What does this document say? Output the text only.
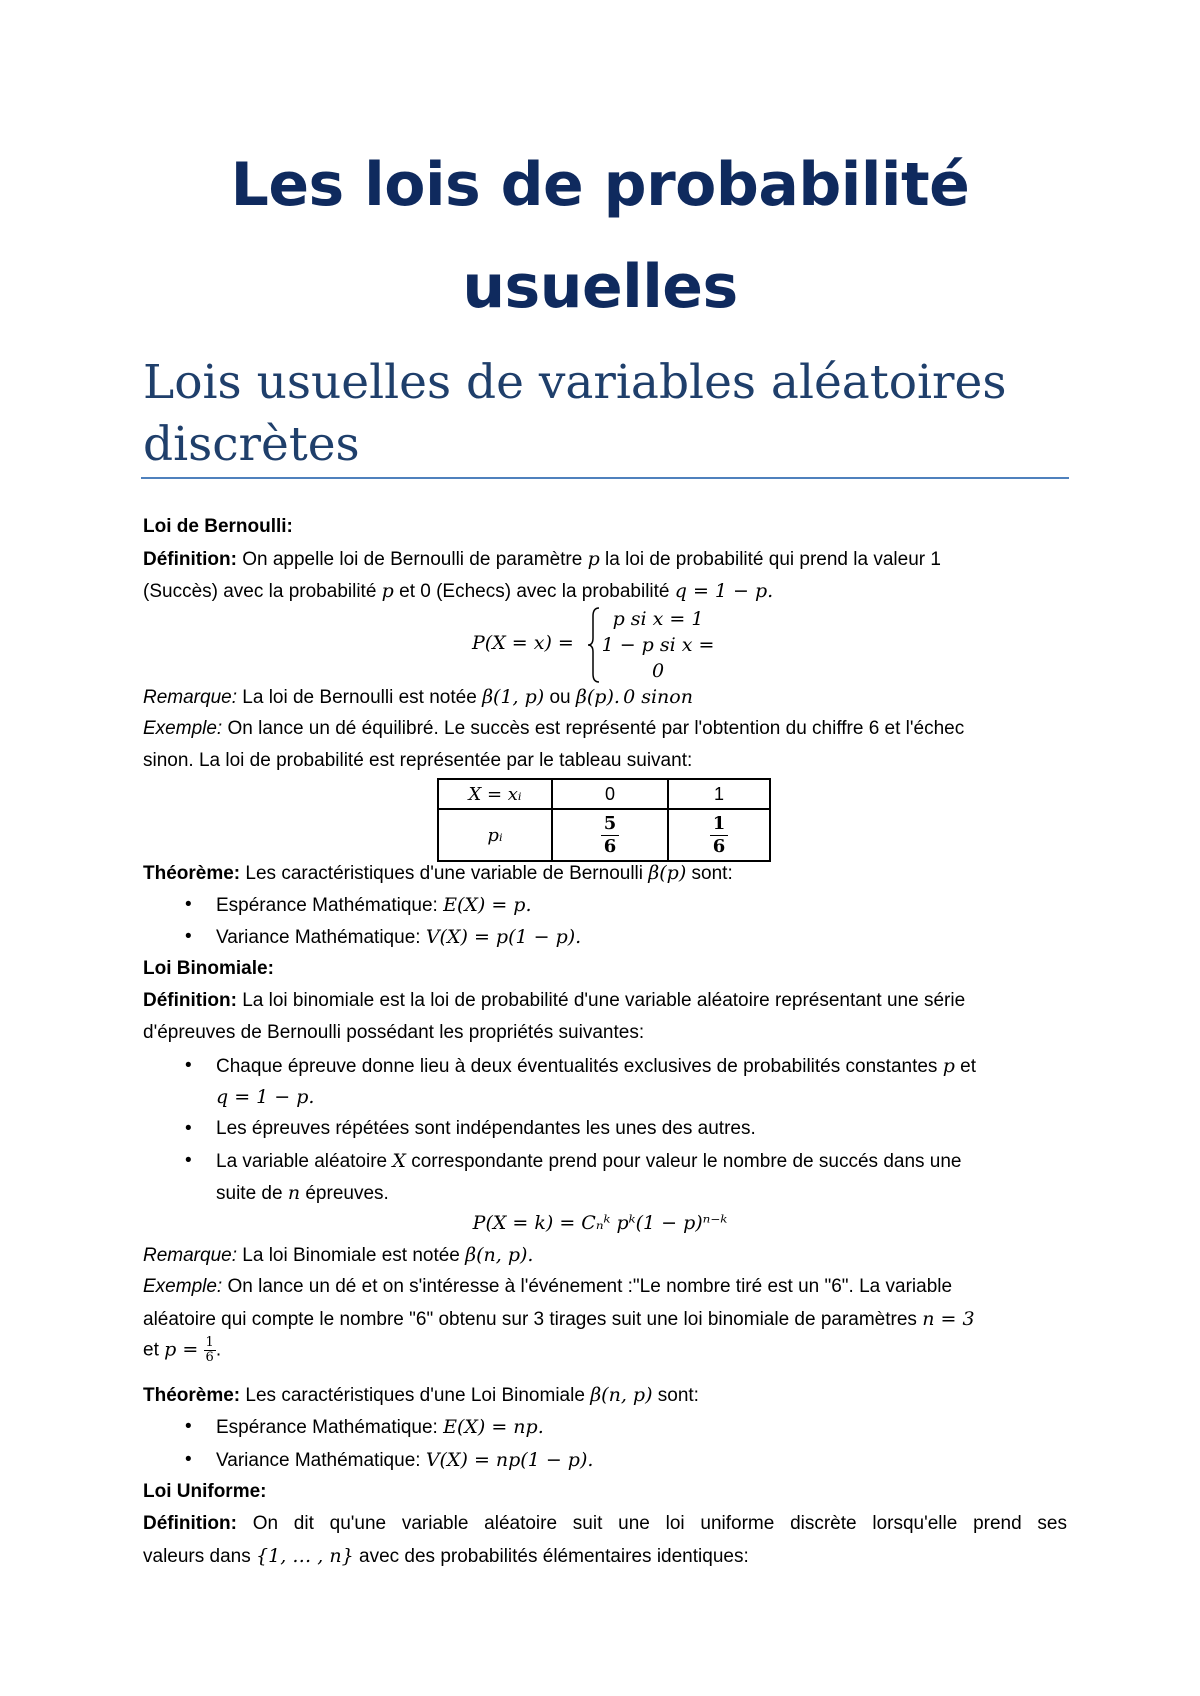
Les lois de probabilité
usuelles
Lois usuelles de variables aléatoires
discrètes
Loi de Bernoulli:
Définition: On appelle loi de Bernoulli de paramètre p la loi de probabilité qui prend la valeur 1
(Succès) avec la probabilité p et 0 (Echecs) avec la probabilité q = 1 − p.
P(X = x) =
p si x = 1
1 − p si x = 0
0 sinon
Remarque: La loi de Bernoulli est notée β(1, p) ou β(p).
Exemple: On lance un dé équilibré. Le succès est représenté par l'obtention du chiffre 6 et l'échec
sinon. La loi de probabilité est représentée par le tableau suivant:
X = xᵢ	0	1
pᵢ	$\frac{5}{6}$	$\frac{1}{6}$
Théorème: Les caractéristiques d'une variable de Bernoulli β(p) sont:
• Espérance Mathématique: E(X) = p.
• Variance Mathématique: V(X) = p(1 − p).
Loi Binomiale:
Définition: La loi binomiale est la loi de probabilité d'une variable aléatoire représentant une série
d'épreuves de Bernoulli possédant les propriétés suivantes:
• Chaque épreuve donne lieu à deux éventualités exclusives de probabilités constantes p et
q = 1 − p.
• Les épreuves répétées sont indépendantes les unes des autres.
• La variable aléatoire X correspondante prend pour valeur le nombre de succés dans une
suite de n épreuves.
P(X = k) = Cₙᵏ pᵏ(1 − p)ⁿ⁻ᵏ
Remarque: La loi Binomiale est notée β(n, p).
Exemple: On lance un dé et on s'intéresse à l'événement :"Le nombre tiré est un "6". La variable
aléatoire qui compte le nombre "6" obtenu sur 3 tirages suit une loi binomiale de paramètres n = 3
et $p = \frac{1}{6}$ .
Théorème: Les caractéristiques d'une Loi Binomiale β(n, p) sont:
• Espérance Mathématique: E(X) = np.
• Variance Mathématique: V(X) = np(1 − p).
Loi Uniforme:
Définition: On dit qu'une variable aléatoire suit une loi uniforme discrète lorsqu'elle prend ses
valeurs dans {1, … , n} avec des probabilités élémentaires identiques:
